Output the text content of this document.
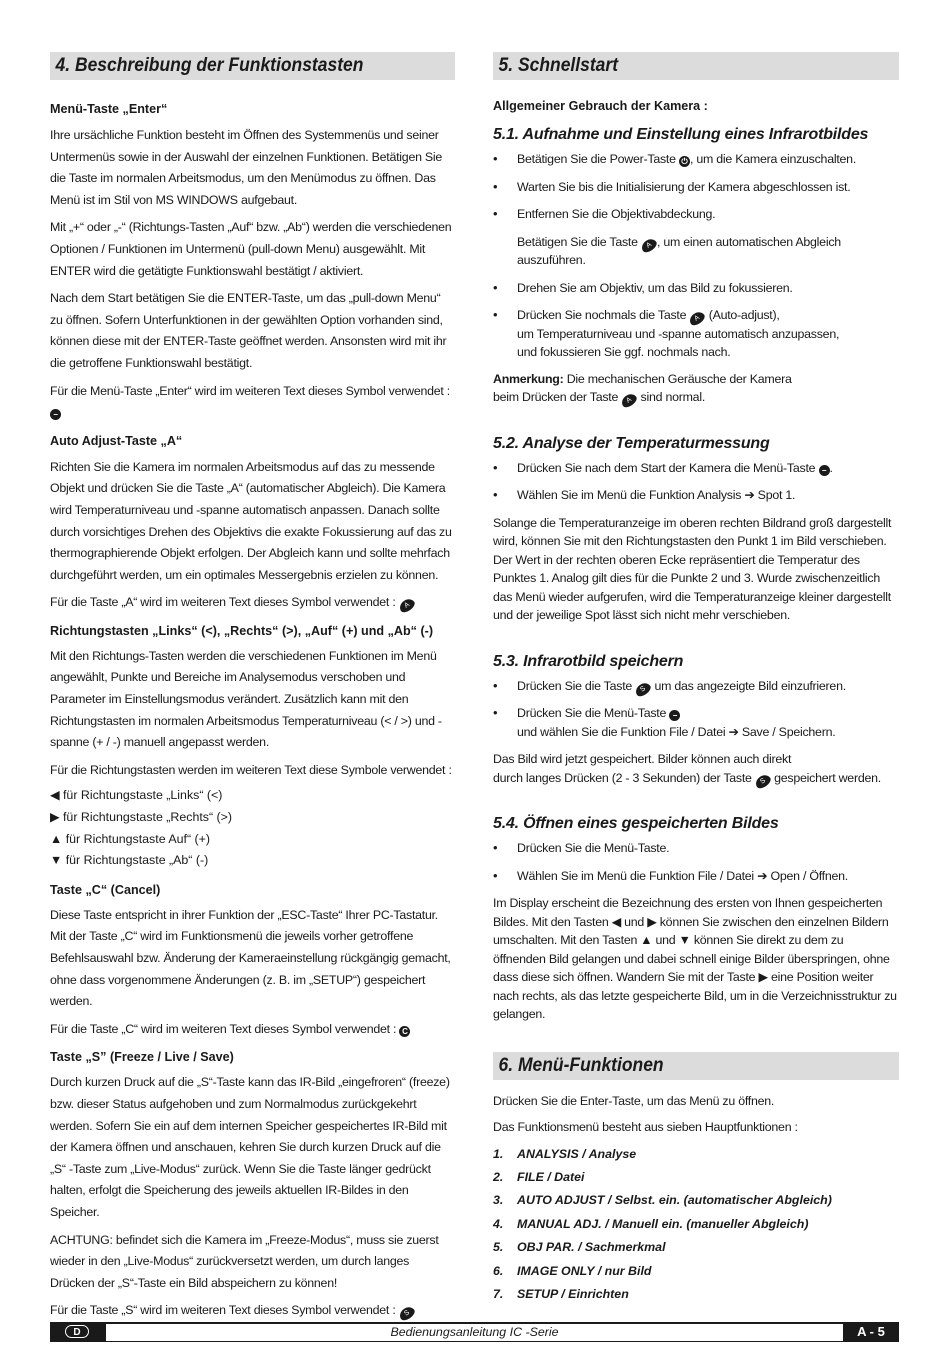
4. Beschreibung der Funktionstasten

Menü-Taste „Enter“

Ihre ursächliche Funktion besteht im Öffnen des Systemmenüs und seiner Untermenüs sowie in der Auswahl der einzelnen Funktionen. Betätigen Sie die Taste im normalen Arbeitsmodus, um den Menümodus zu öffnen. Das Menü ist im Stil von MS WINDOWS aufgebaut.

Mit „+“ oder „-“ (Richtungs-Tasten „Auf“ bzw. „Ab“) werden die verschiedenen Optionen / Funktionen im Untermenü (pull-down Menu) ausgewählt. Mit ENTER wird die getätigte Funktionswahl bestätigt / aktiviert.

Nach dem Start betätigen Sie die ENTER-Taste, um das „pull-down Menu“ zu öffnen. Sofern Unterfunktionen in der gewählten Option vorhanden sind, können diese mit der ENTER-Taste geöffnet werden. Ansonsten wird mit ihr die getroffene Funktionswahl bestätigt.

Für die Menü-Taste „Enter“ wird im weiteren Text dieses Symbol verwendet : −

Auto Adjust-Taste „A“

Richten Sie die Kamera im normalen Arbeitsmodus auf das zu messende Objekt und drücken Sie die Taste „A“ (automatischer Abgleich). Die Kamera wird Temperaturniveau und -spanne automatisch anpassen. Danach sollte durch vorsichtiges Drehen des Objektivs die exakte Fokussierung auf das zu thermographierende Objekt erfolgen. Der Abgleich kann und sollte mehrfach durchgeführt werden, um ein optimales Messergebnis erzielen zu können.

Für die Taste „A“ wird im weiteren Text dieses Symbol verwendet : A

Richtungstasten „Links“ (<), „Rechts“ (>), „Auf“ (+) und „Ab“ (-)

Mit den Richtungs-Tasten werden die verschiedenen Funktionen im Menü angewählt, Punkte und Bereiche im Analysemodus verschoben und Parameter im Einstellungsmodus verändert. Zusätzlich kann mit den Richtungstasten im normalen Arbeitsmodus Temperaturniveau (< / >) und -spanne (+ / -) manuell angepasst werden.

Für die Richtungstasten werden im weiteren Text diese Symbole verwendet :

◀ für Richtungstaste „Links“ (<)
▶ für Richtungstaste „Rechts“ (>)
▲ für Richtungstaste Auf“ (+)
▼ für Richtungstaste „Ab“ (-)

Taste „C“ (Cancel)

Diese Taste entspricht in ihrer Funktion der „ESC-Taste“ Ihrer PC-Tastatur. Mit der Taste „C“ wird im Funktionsmenü die jeweils vorher getroffene Befehlsauswahl bzw. Änderung der Kameraeinstellung rückgängig gemacht, ohne dass vorgenommene Änderungen (z. B. im „SETUP“) gespeichert werden.

Für die Taste „C“ wird im weiteren Text dieses Symbol verwendet : C

Taste „S” (Freeze / Live / Save)

Durch kurzen Druck auf die „S“-Taste kann das IR-Bild „eingefroren“ (freeze) bzw. dieser Status aufgehoben und zum Normalmodus zurückgekehrt werden. Sofern Sie ein auf dem internen Speicher gespeichertes IR-Bild mit der Kamera öffnen und anschauen, kehren Sie durch kurzen Druck auf die „S“ -Taste zum „Live-Modus“ zurück. Wenn Sie die Taste länger gedrückt halten, erfolgt die Speicherung des jeweils aktuellen IR-Bildes in den Speicher.

ACHTUNG: befindet sich die Kamera im „Freeze-Modus“, muss sie zuerst wieder in den „Live-Modus“ zurückversetzt werden, um durch langes Drücken der „S“-Taste ein Bild abspeichern zu können!

Für die Taste „S“ wird im weiteren Text dieses Symbol verwendet : S

5. Schnellstart

Allgemeiner Gebrauch der Kamera :

5.1. Aufnahme und Einstellung eines Infrarotbildes

• Betätigen Sie die Power-Taste ⏻ , um die Kamera einzuschalten.
• Warten Sie bis die Initialisierung der Kamera abgeschlossen ist.
• Entfernen Sie die Objektivabdeckung.
Betätigen Sie die Taste A , um einen automatischen Abgleich auszuführen.
• Drehen Sie am Objektiv, um das Bild zu fokussieren.
• Drücken Sie nochmals die Taste A (Auto-adjust),
um Temperaturniveau und -spanne automatisch anzupassen,
und fokussieren Sie ggf. nochmals nach.
Anmerkung: Die mechanischen Geräusche der Kamera
beim Drücken der Taste A sind normal.

5.2. Analyse der Temperaturmessung

• Drücken Sie nach dem Start der Kamera die Menü-Taste − .
• Wählen Sie im Menü die Funktion Analysis ➔ Spot 1.

Solange die Temperaturanzeige im oberen rechten Bildrand groß dargestellt wird, können Sie mit den Richtungstasten den Punkt 1 im Bild verschieben. Der Wert in der rechten oberen Ecke repräsentiert die Temperatur des Punktes 1. Analog gilt dies für die Punkte 2 und 3. Wurde zwischenzeitlich das Menü wieder aufgerufen, wird die Temperaturanzeige kleiner dargestellt und der jeweilige Spot lässt sich nicht mehr verschieben.

5.3. Infrarotbild speichern

• Drücken Sie die Taste S um das angezeigte Bild einzufrieren.
• Drücken Sie die Menü-Taste −
und wählen Sie die Funktion File / Datei ➔ Save / Speichern.
Das Bild wird jetzt gespeichert. Bilder können auch direkt
durch langes Drücken (2 - 3 Sekunden) der Taste S gespeichert werden.

5.4. Öffnen eines gespeicherten Bildes

• Drücken Sie die Menü-Taste.
• Wählen Sie im Menü die Funktion File / Datei ➔ Open / Öffnen.

Im Display erscheint die Bezeichnung des ersten von Ihnen gespeicherten Bildes. Mit den Tasten ◀ und ▶ können Sie zwischen den einzelnen Bildern umschalten. Mit den Tasten ▲ und ▼ können Sie direkt zu dem zu öffnenden Bild gelangen und dabei schnell einige Bilder überspringen, ohne dass diese sich öffnen. Wandern Sie mit der Taste ▶ eine Position weiter nach rechts, als das letzte gespeicherte Bild, um in die Verzeichnisstruktur zu gelangen.

6. Menü-Funktionen

Drücken Sie die Enter-Taste, um das Menü zu öffnen.

Das Funktionsmenü besteht aus sieben Hauptfunktionen :

1. ANALYSIS / Analyse
2. FILE / Datei
3. AUTO ADJUST / Selbst. ein. (automatischer Abgleich)
4. MANUAL ADJ. / Manuell ein. (manueller Abgleich)
5. OBJ PAR. / Sachmerkmal
6. IMAGE ONLY / nur Bild
7. SETUP / Einrichten
D	Bedienungsanleitung IC -Serie	A - 5
